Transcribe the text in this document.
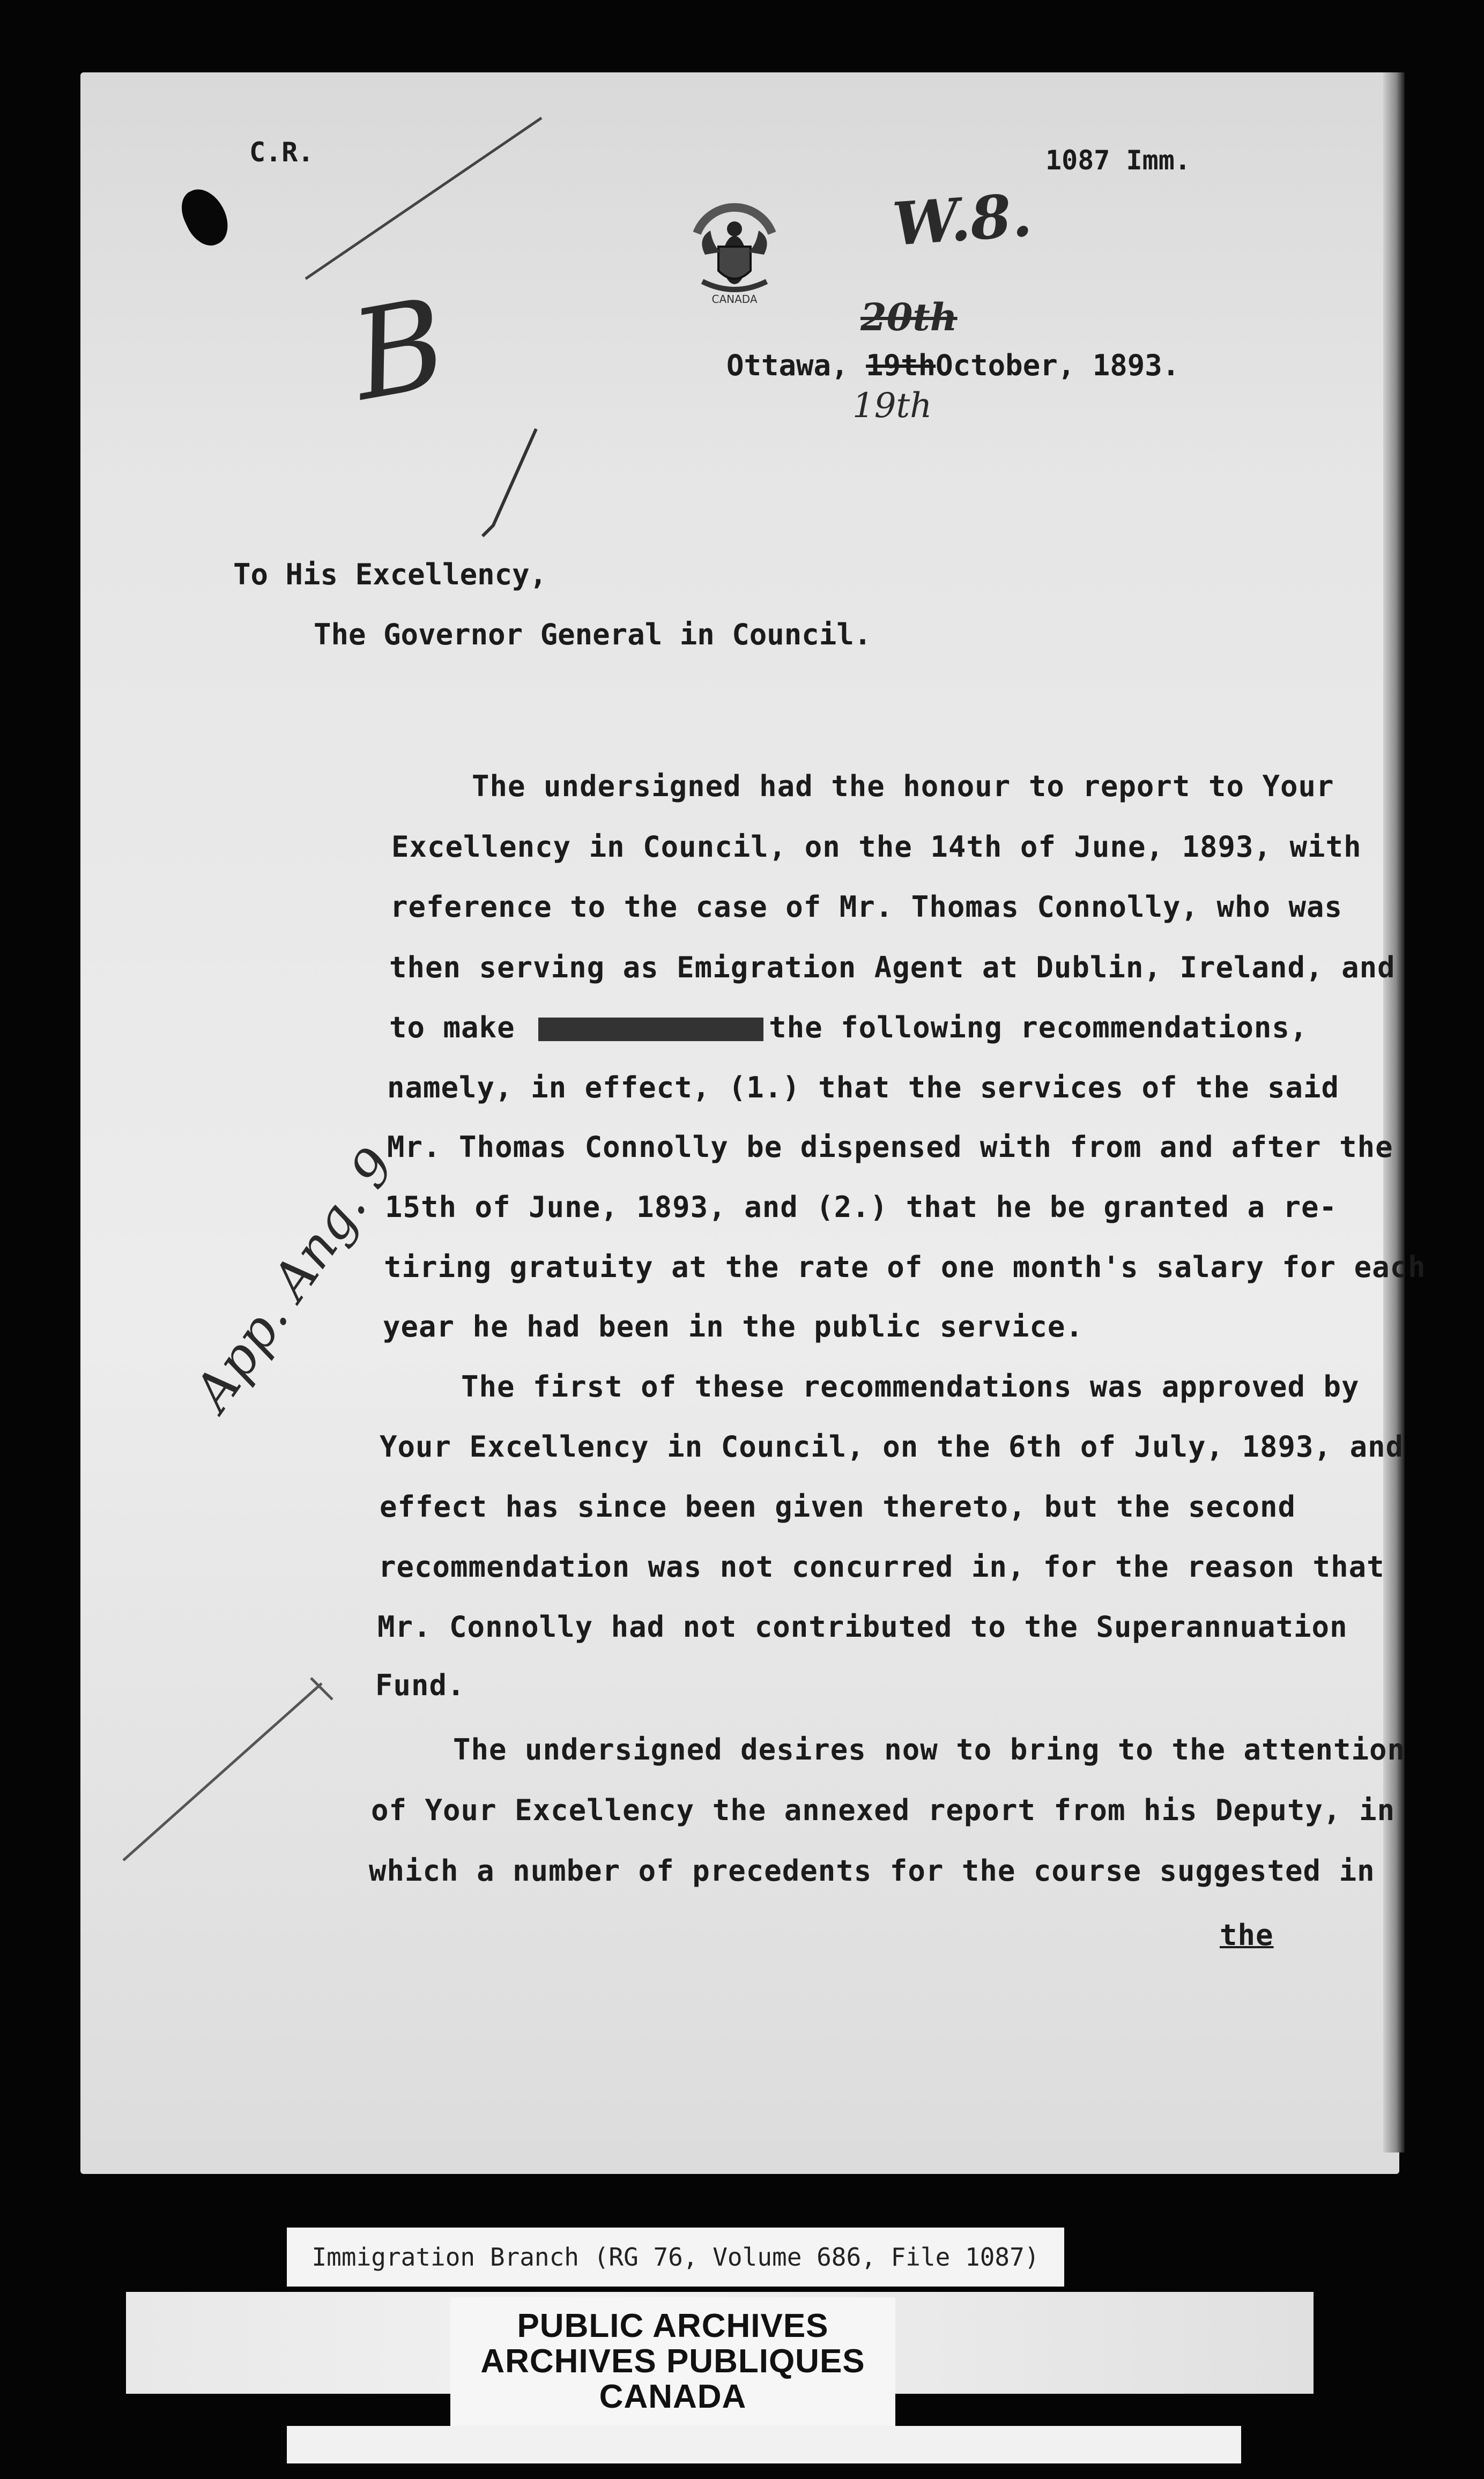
C.R.	1087 Imm.
W.8.
CANADA
Ottawa, 19thOctober, 1893.
20th
19th
B
App. Ang. 9
To His Excellency,
The Governor General in Council.
The undersigned had the honour to report to Your
Excellency in Council, on the 14th of June, 1893, with
reference to the case of Mr. Thomas Connolly, who was
then serving as Emigration Agent at Dublin, Ireland, and
to make	the following recommendations,
namely, in effect, (1.) that the services of the said
Mr. Thomas Connolly be dispensed with from and after the
15th of June, 1893, and (2.) that he be granted a re-
tiring gratuity at the rate of one month's salary for each
year he had been in the public service.
The first of these recommendations was approved by
Your Excellency in Council, on the 6th of July, 1893, and
effect has since been given thereto, but the second
recommendation was not concurred in, for the reason that
Mr. Connolly had not contributed to the Superannuation
Fund.
The undersigned desires now to bring to the attention
of Your Excellency the annexed report from his Deputy, in
which a number of precedents for the course suggested in
the
Immigration Branch (RG 76, Volume 686, File 1087)
PUBLIC ARCHIVES
ARCHIVES PUBLIQUES
CANADA
